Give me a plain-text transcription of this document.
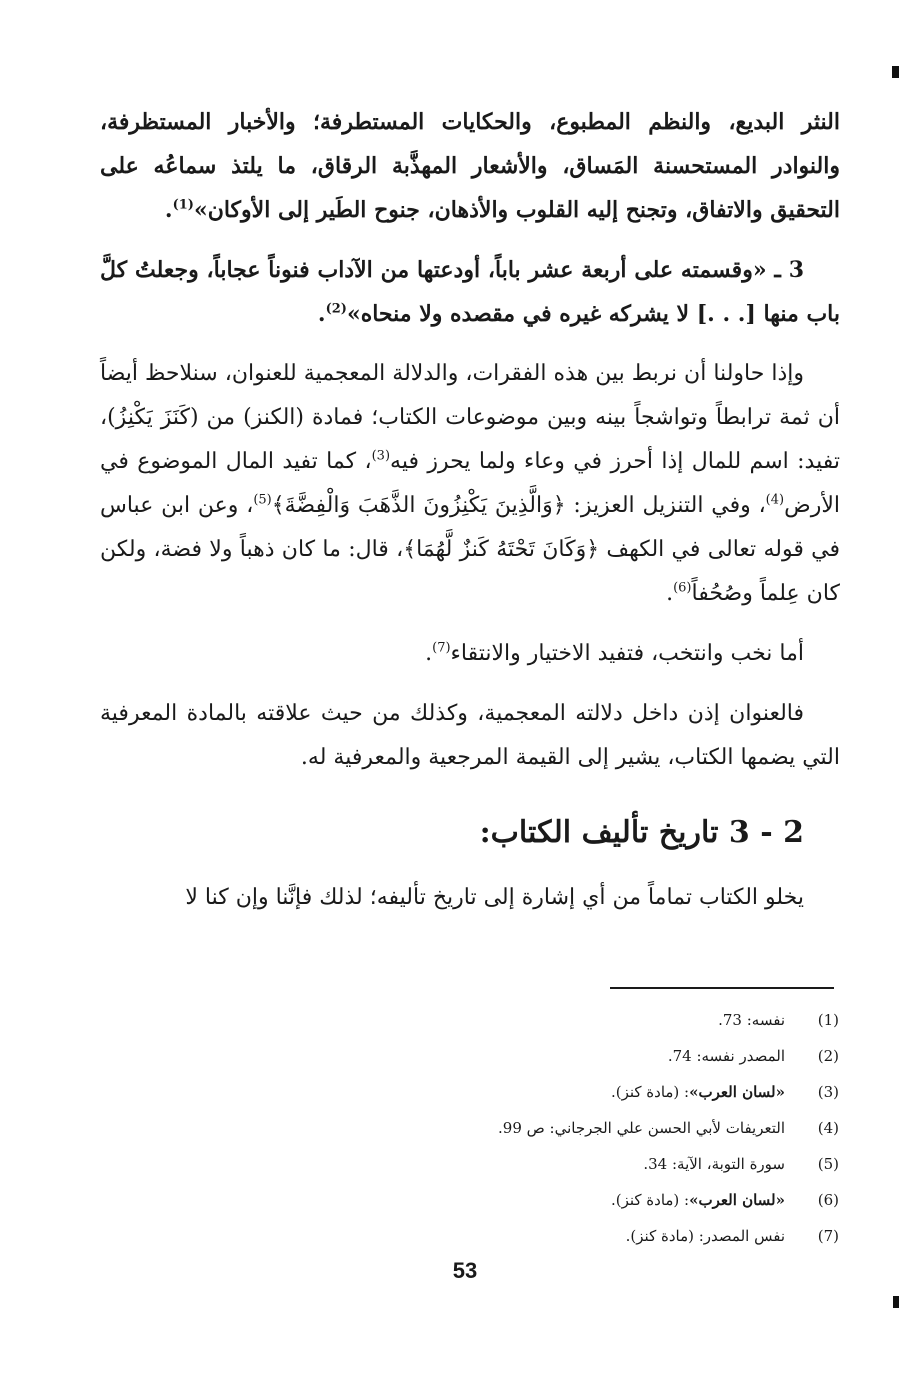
النثر البديع، والنظم المطبوع، والحكايات المستطرفة؛ والأخبار المستظرفة، والنوادر المستحسنة المَساق، والأشعار المهذَّبة الرقاق، ما يلتذ سماعُه على التحقيق والاتفاق، وتجنح إليه القلوب والأذهان، جنوح الطَير إلى الأوكان»$^{(1)}$.

3 ـ «وقسمته على أربعة عشر باباً، أودعتها من الآداب فنوناً عجاباً، وجعلتُ كلَّ باب منها [. . .] لا يشركه غيره في مقصده ولا منحاه»$^{(2)}$.

وإذا حاولنا أن نربط بين هذه الفقرات، والدلالة المعجمية للعنوان، سنلاحظ أيضاً أن ثمة ترابطاً وتواشجاً بينه وبين موضوعات الكتاب؛ فمادة (الكنز) من (كَنَزَ يَكْنِزُ)، تفيد: اسم للمال إذا أحرز في وعاء ولما يحرز فيه$^{(3)}$، كما تفيد المال الموضوع في الأرض$^{(4)}$، وفي التنزيل العزيز: ﴿وَالَّذِينَ يَكْنِزُونَ الذَّهَبَ وَالْفِضَّةَ﴾$^{(5)}$، وعن ابن عباس في قوله تعالى في الكهف ﴿وَكَانَ تَحْتَهُ كَنزٌ لَّهُمَا﴾، قال: ما كان ذهباً ولا فضة، ولكن كان عِلماً وصُحُفاً$^{(6)}$.

أما نخب وانتخب، فتفيد الاختيار والانتقاء$^{(7)}$.

فالعنوان إذن داخل دلالته المعجمية، وكذلك من حيث علاقته بالمادة المعرفية التي يضمها الكتاب، يشير إلى القيمة المرجعية والمعرفية له.

2 - 3 تاريخ تأليف الكتاب:

يخلو الكتاب تماماً من أي إشارة إلى تاريخ تأليفه؛ لذلك فإنَّنا وإن كنا لا

(1)
نفسه: 73.
(2)
المصدر نفسه: 74.
(3)
«لسان العرب»: (مادة كنز).
(4)
التعريفات لأبي الحسن علي الجرجاني: ص 99.
(5)
سورة التوبة، الآية: 34.
(6)
«لسان العرب»: (مادة كنز).
(7)
نفس المصدر: (مادة كنز).
53
